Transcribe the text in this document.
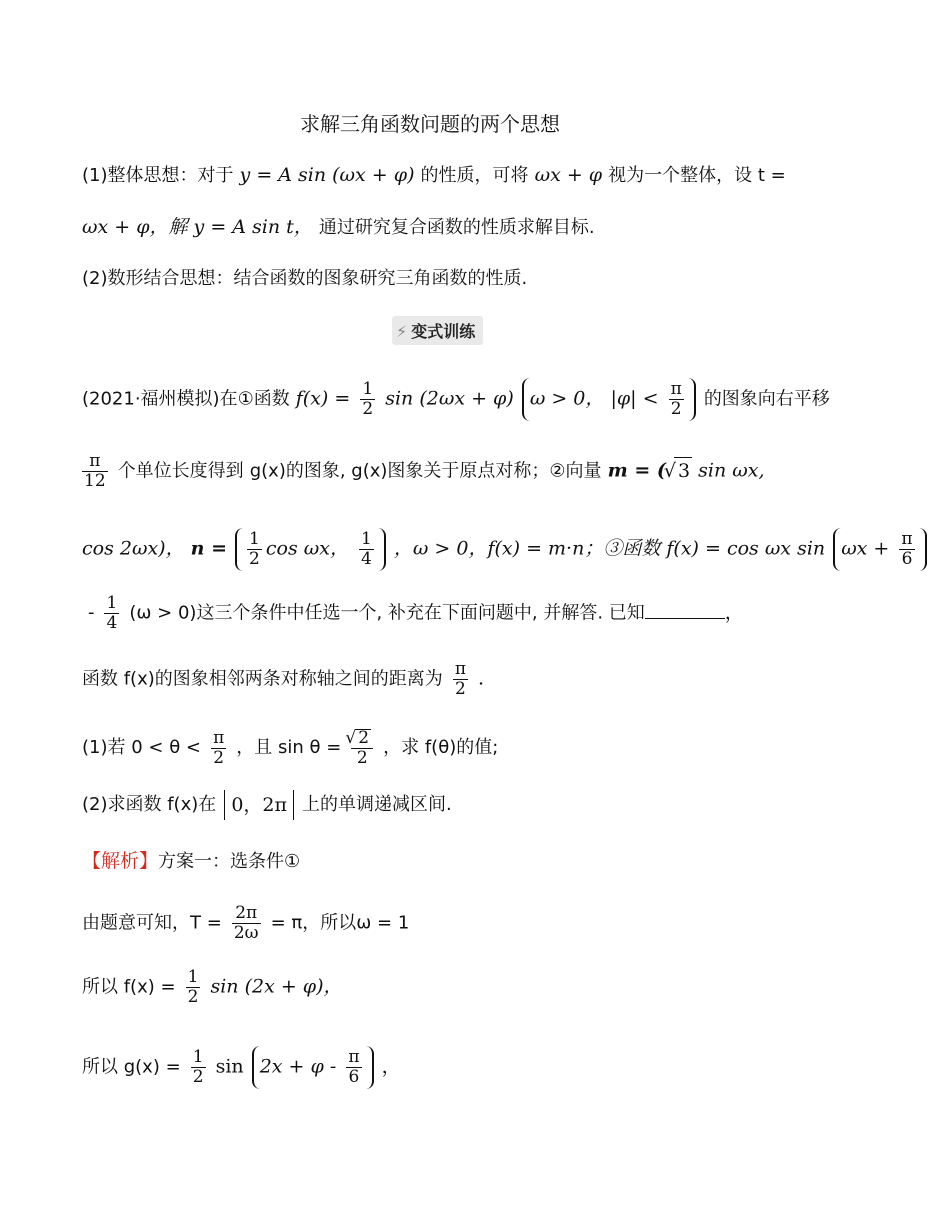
求解三角函数问题的两个思想
(1)整体思想：对于 y = A sin (ωx + φ) 的性质，可将 ωx + φ 视为一个整体，设 t =
ωx + φ，解 y = A sin t， 通过研究复合函数的性质求解目标.
(2)数形结合思想：结合函数的图象研究三角函数的性质.
⚡ 变式训练
(2021·福州模拟)在①函数 $f(x) = \frac{1}{2}$ sin (2ωx + φ) ω > 0， $|\varphi| < \frac{\pi}{2}$ 的图象向右平移
$\frac{\pi}{12}$ 个单位长度得到 g(x)的图象, g(x)图象关于原点对称；②向量 m = ( √ 3 sin ωx,
cos 2ωx)， $n = \frac{1}{2}$ cos ωx， $\frac{1}{4}$ ，ω > 0，f(x) = m·n；③函数 f(x) = cos ωx $\sin \omega x + \frac{\pi}{6}$
- $\frac{1}{4} (\omega > 0)$这三个条件中任选一个, 补充在下面问题中, 并解答. 已知	，
函数 f(x)的图象相邻两条对称轴之间的距离为 $\frac{\pi}{2}$ .
(1)若 $0 < \theta < \frac{\pi}{2}$ ，且 sin θ = √ $\frac{2}{2}$ ，求 f(θ)的值;
(2)求函数 f(x)在 0，2π 上的单调递减区间.
【解析】方案一：选条件①
由题意可知，$T = \frac{2\pi}{2\omega} = \pi$，所以ω = 1
所以 $f(x) = \frac{1}{2}$ sin (2x + φ)，
所以 $g(x) = \frac{1}{2}$ $\sin 2x + \varphi - \frac{\pi}{6}$ ，
